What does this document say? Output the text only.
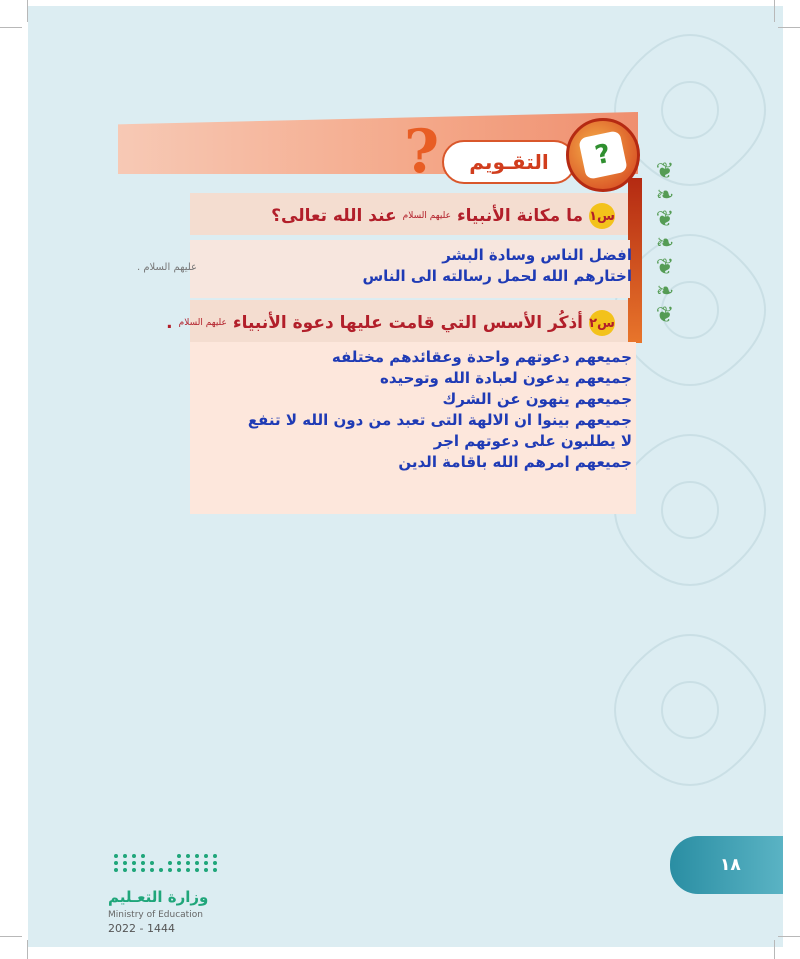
❦
❧
❦
❧
❦
❧
❦
? التقـويم	?
س
١
ما مكانة الأنبياء
عليهم السلام
عند الله تعالى؟
افضل الناس وسادة البشر
اختارهم الله لحمل رسالته الى الناس
عليهم السلام .
س
٢
أذكُر الأسس التي قامت عليها دعوة الأنبياء
عليهم السلام
.
جميعهم دعوتهم واحدة وعقائدهم مختلفه
جميعهم يدعون لعبادة الله وتوحيده
جميعهم ينهون عن الشرك
جميعهم بينوا ان الالهة التى تعبد من دون الله لا تنفع
لا يطلبون على دعوتهم اجر
جميعهم امرهم الله باقامة الدين
وزارة التعـليم
Ministry of Education
2022 - 1444
١٨
